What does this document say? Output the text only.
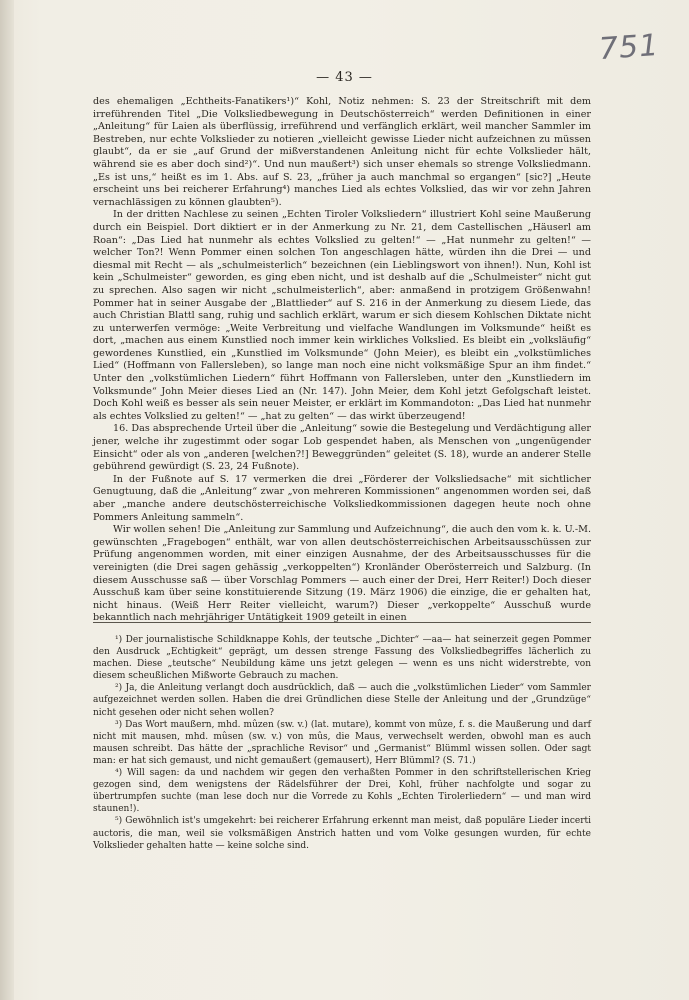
751
— 43 —

des ehemaligen „Echtheits-Fanatikers¹)“ Kohl, Notiz nehmen: S. 23 der Streitschrift mit dem irreführenden Titel „Die Volksliedbewegung in Deutschösterreich“ werden Definitionen in einer „Anleitung“ für Laien als überflüssig, irreführend und verfänglich erklärt, weil mancher Sammler im Bestreben, nur echte Volkslieder zu notieren „vielleicht gewisse Lieder nicht aufzeichnen zu müssen glaubt“, da er sie „auf Grund der mißverstandenen Anleitung nicht für echte Volkslieder hält, während sie es aber doch sind²)“. Und nun maußert³) sich unser ehemals so strenge Volksliedmann. „Es ist uns,“ heißt es im 1. Abs. auf S. 23, „früher ja auch manchmal so ergangen“ [sic?] „Heute erscheint uns bei reicherer Erfahrung⁴) manches Lied als echtes Volkslied, das wir vor zehn Jahren vernachlässigen zu können glaubten⁵).

In der dritten Nachlese zu seinen „Echten Tiroler Volksliedern“ illustriert Kohl seine Maußerung durch ein Beispiel. Dort diktiert er in der Anmerkung zu Nr. 21, dem Castellischen „Häuserl am Roan“: „Das Lied hat nunmehr als echtes Volkslied zu gelten!“ — „Hat nunmehr zu gelten!“ — welcher Ton?! Wenn Pommer einen solchen Ton angeschlagen hätte, würden ihn die Drei — und diesmal mit Recht — als „schulmeisterlich“ bezeichnen (ein Lieblingswort von ihnen!). Nun, Kohl ist kein „Schulmeister“ geworden, es ging eben nicht, und ist deshalb auf die „Schulmeister“ nicht gut zu sprechen. Also sagen wir nicht „schulmeisterlich“, aber: anmaßend in protzigem Größenwahn! Pommer hat in seiner Ausgabe der „Blattlieder“ auf S. 216 in der Anmerkung zu diesem Liede, das auch Christian Blattl sang, ruhig und sachlich erklärt, warum er sich diesem Kohlschen Diktate nicht zu unterwerfen vermöge: „Weite Verbreitung und vielfache Wandlungen im Volksmunde“ heißt es dort, „machen aus einem Kunstlied noch immer kein wirkliches Volkslied. Es bleibt ein „volksläufig“ gewordenes Kunstlied, ein „Kunstlied im Volksmunde“ (John Meier), es bleibt ein „volkstümliches Lied“ (Hoffmann von Fallersleben), so lange man noch eine nicht volksmäßige Spur an ihm findet.“ Unter den „volkstümlichen Liedern“ führt Hoffmann von Fallersleben, unter den „Kunstliedern im Volksmunde“ John Meier dieses Lied an (Nr. 147). John Meier, dem Kohl jetzt Gefolgschaft leistet. Doch Kohl weiß es besser als sein neuer Meister, er erklärt im Kommandoton: „Das Lied hat nunmehr als echtes Volkslied zu gelten!“ — „hat zu gelten“ — das wirkt überzeugend!

16. Das absprechende Urteil über die „Anleitung“ sowie die Bestegelung und Verdächtigung aller jener, welche ihr zugestimmt oder sogar Lob gespendet haben, als Menschen von „ungenügender Einsicht“ oder als von „anderen [welchen?!] Beweggründen“ geleitet (S. 18), wurde an anderer Stelle gebührend gewürdigt (S. 23, 24 Fußnote).

In der Fußnote auf S. 17 vermerken die drei „Förderer der Volksliedsache“ mit sichtlicher Genugtuung, daß die „Anleitung“ zwar „von mehreren Kommissionen“ angenommen worden sei, daß aber „manche andere deutschösterreichische Volksliedkommissionen dagegen heute noch ohne Pommers Anleitung sammeln“.

Wir wollen sehen! Die „Anleitung zur Sammlung und Aufzeichnung“, die auch den vom k. k. U.-M. gewünschten „Fragebogen“ enthält, war von allen deutschösterreichischen Arbeitsausschüssen zur Prüfung angenommen worden, mit einer einzigen Ausnahme, der des Arbeitsausschusses für die vereinigten (die Drei sagen gehässig „verkoppelten“) Kronländer Oberösterreich und Salzburg. (In diesem Ausschusse saß — über Vorschlag Pommers — auch einer der Drei, Herr Reiter!) Doch dieser Ausschuß kam über seine konstituierende Sitzung (19. März 1906) die einzige, die er gehalten hat, nicht hinaus. (Weiß Herr Reiter vielleicht, warum?) Dieser „verkoppelte“ Ausschuß wurde bekanntlich nach mehrjähriger Untätigkeit 1909 geteilt in einen

¹) Der journalistische Schildknappe Kohls, der teutsche „Dichter“ —aa— hat seinerzeit gegen Pommer den Ausdruck „Echtigkeit“ geprägt, um dessen strenge Fassung des Volksliedbegriffes lächerlich zu machen. Diese „teutsche“ Neubildung käme uns jetzt gelegen — wenn es uns nicht widerstrebte, von diesem scheußlichen Mißworte Gebrauch zu machen.

²) Ja, die Anleitung verlangt doch ausdrücklich, daß — auch die „volkstümlichen Lieder“ vom Sammler aufgezeichnet werden sollen. Haben die drei Gründlichen diese Stelle der Anleitung und der „Grundzüge“ nicht gesehen oder nicht sehen wollen?

³) Das Wort maußern, mhd. mûzen (sw. v.) (lat. mutare), kommt von mûze, f. s. die Maußerung und darf nicht mit mausen, mhd. mûsen (sw. v.) von mûs, die Maus, verwechselt werden, obwohl man es auch mausen schreibt. Das hätte der „sprachliche Revisor“ und „Germanist“ Blümml wissen sollen. Oder sagt man: er hat sich gemaust, und nicht gemaußert (gemausert), Herr Blümml? (S. 71.)

⁴) Will sagen: da und nachdem wir gegen den verhaßten Pommer in den schriftstellerischen Krieg gezogen sind, dem wenigstens der Rädelsführer der Drei, Kohl, früher nachfolgte und sogar zu übertrumpfen suchte (man lese doch nur die Vorrede zu Kohls „Echten Tirolerliedern“ — und man wird staunen!).

⁵) Gewöhnlich ist's umgekehrt: bei reicherer Erfahrung erkennt man meist, daß populäre Lieder incerti auctoris, die man, weil sie volksmäßigen Anstrich hatten und vom Volke gesungen wurden, für echte Volkslieder gehalten hatte — keine solche sind.
